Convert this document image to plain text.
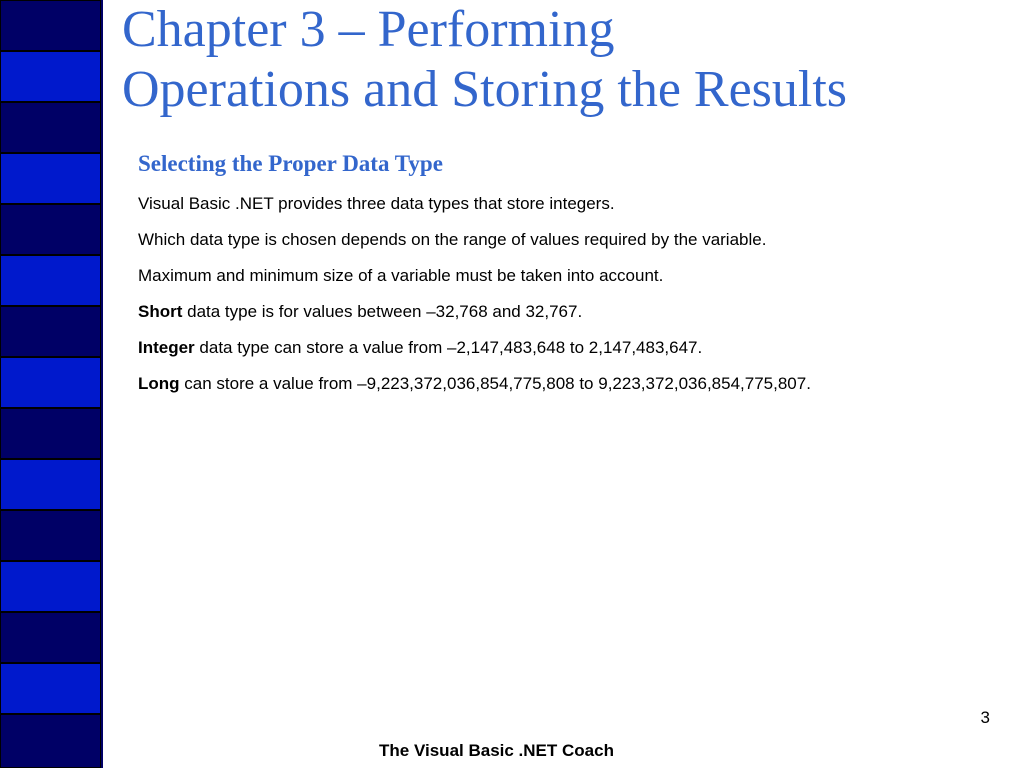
Chapter 3 – Performing
Operations and Storing the Results
Selecting the Proper Data Type
Visual Basic .NET provides three data types that store integers.
Which data type is chosen depends on the range of values required by the variable.
Maximum and minimum size of a variable must be taken into account.
Short data type is for values between –32,768 and 32,767.
Integer data type can store a value from –2,147,483,648 to 2,147,483,647.
Long can store a value from –9,223,372,036,854,775,808 to 9,223,372,036,854,775,807.
3
The Visual Basic .NET Coach
